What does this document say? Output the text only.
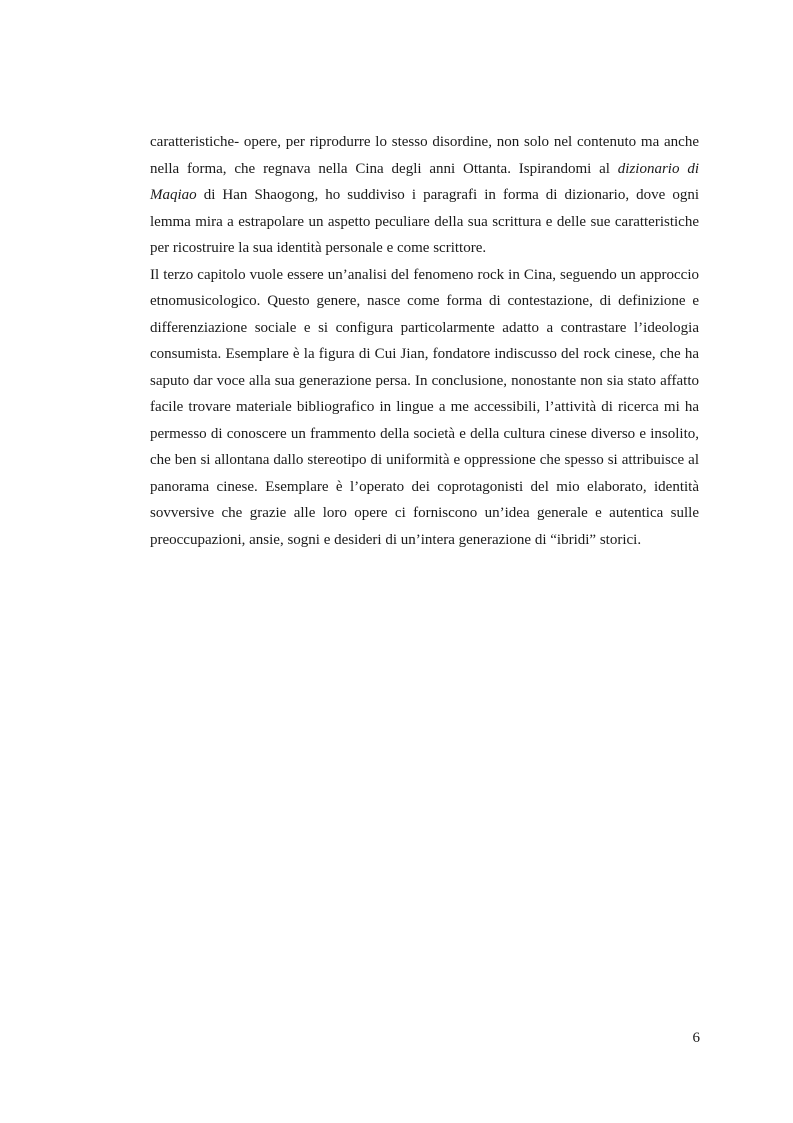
caratteristiche- opere, per riprodurre lo stesso disordine, non solo nel contenuto ma anche nella forma, che regnava nella Cina degli anni Ottanta. Ispirandomi al dizionario di Maqiao di Han Shaogong, ho suddiviso i paragrafi in forma di dizionario, dove ogni lemma mira a estrapolare un aspetto peculiare della sua scrittura e delle sue caratteristiche per ricostruire la sua identità personale e come scrittore.

Il terzo capitolo vuole essere un’analisi del fenomeno rock in Cina, seguendo un approccio etnomusicologico. Questo genere, nasce come forma di contestazione, di definizione e differenziazione sociale e si configura particolarmente adatto a contrastare l’ideologia consumista. Esemplare è la figura di Cui Jian, fondatore indiscusso del rock cinese, che ha saputo dar voce alla sua generazione persa. In conclusione, nonostante non sia stato affatto facile trovare materiale bibliografico in lingue a me accessibili, l’attività di ricerca mi ha permesso di conoscere un frammento della società e della cultura cinese diverso e insolito, che ben si allontana dallo stereotipo di uniformità e oppressione che spesso si attribuisce al panorama cinese. Esemplare è l’operato dei coprotagonisti del mio elaborato, identità sovversive che grazie alle loro opere ci forniscono un’idea generale e autentica sulle preoccupazioni, ansie, sogni e desideri di un’intera generazione di “ibridi” storici.

6
